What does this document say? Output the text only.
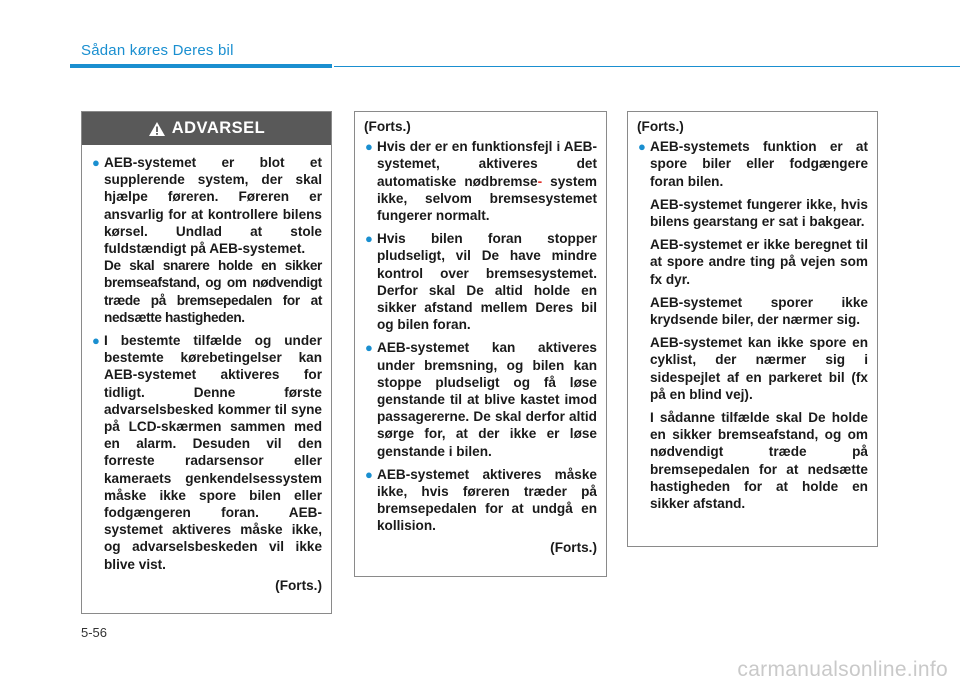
Sådan køres Deres bil
ADVARSEL
● AEB-systemet er blot et supplerende system, der skal hjælpe føreren. Føreren er ansvarlig for at kontrollere bilens kørsel. Undlad at stole fuldstændigt på AEB-systemet.
De skal snarere holde en sikker bremseafstand, og om nødvendigt træde på bremsepedalen for at nedsætte hastigheden.
● I bestemte tilfælde og under bestemte kørebetingelser kan AEB-systemet aktiveres for tidligt. Denne første advarselsbesked kommer til syne på LCD-skærmen sammen med en alarm. Desuden vil den forreste radarsensor eller kameraets genkendelsessystem måske ikke spore bilen eller fodgængeren foran. AEB-systemet aktiveres måske ikke, og advarselsbeskeden vil ikke blive vist.
(Forts.)
(Forts.)
● Hvis der er en funktionsfejl i AEB-systemet, aktiveres det automatiske nødbremse- system ikke, selvom bremsesystemet fungerer normalt.
● Hvis bilen foran stopper pludseligt, vil De have mindre kontrol over bremsesystemet. Derfor skal De altid holde en sikker afstand mellem Deres bil og bilen foran.
● AEB-systemet kan aktiveres under bremsning, og bilen kan stoppe pludseligt og få løse genstande til at blive kastet imod passagererne. De skal derfor altid sørge for, at der ikke er løse genstande i bilen.
● AEB-systemet aktiveres måske ikke, hvis føreren træder på bremsepedalen for at undgå en kollision.
(Forts.)
(Forts.)
● AEB-systemets funktion er at spore biler eller fodgængere foran bilen.
AEB-systemet fungerer ikke, hvis bilens gearstang er sat i bakgear.
AEB-systemet er ikke beregnet til at spore andre ting på vejen som fx dyr.
AEB-systemet sporer ikke krydsende biler, der nærmer sig.
AEB-systemet kan ikke spore en cyklist, der nærmer sig i sidespejlet af en parkeret bil (fx på en blind vej).
I sådanne tilfælde skal De holde en sikker bremseafstand, og om nødvendigt træde på bremsepedalen for at nedsætte hastigheden for at holde en sikker afstand.
5-56
carmanualsonline.info
